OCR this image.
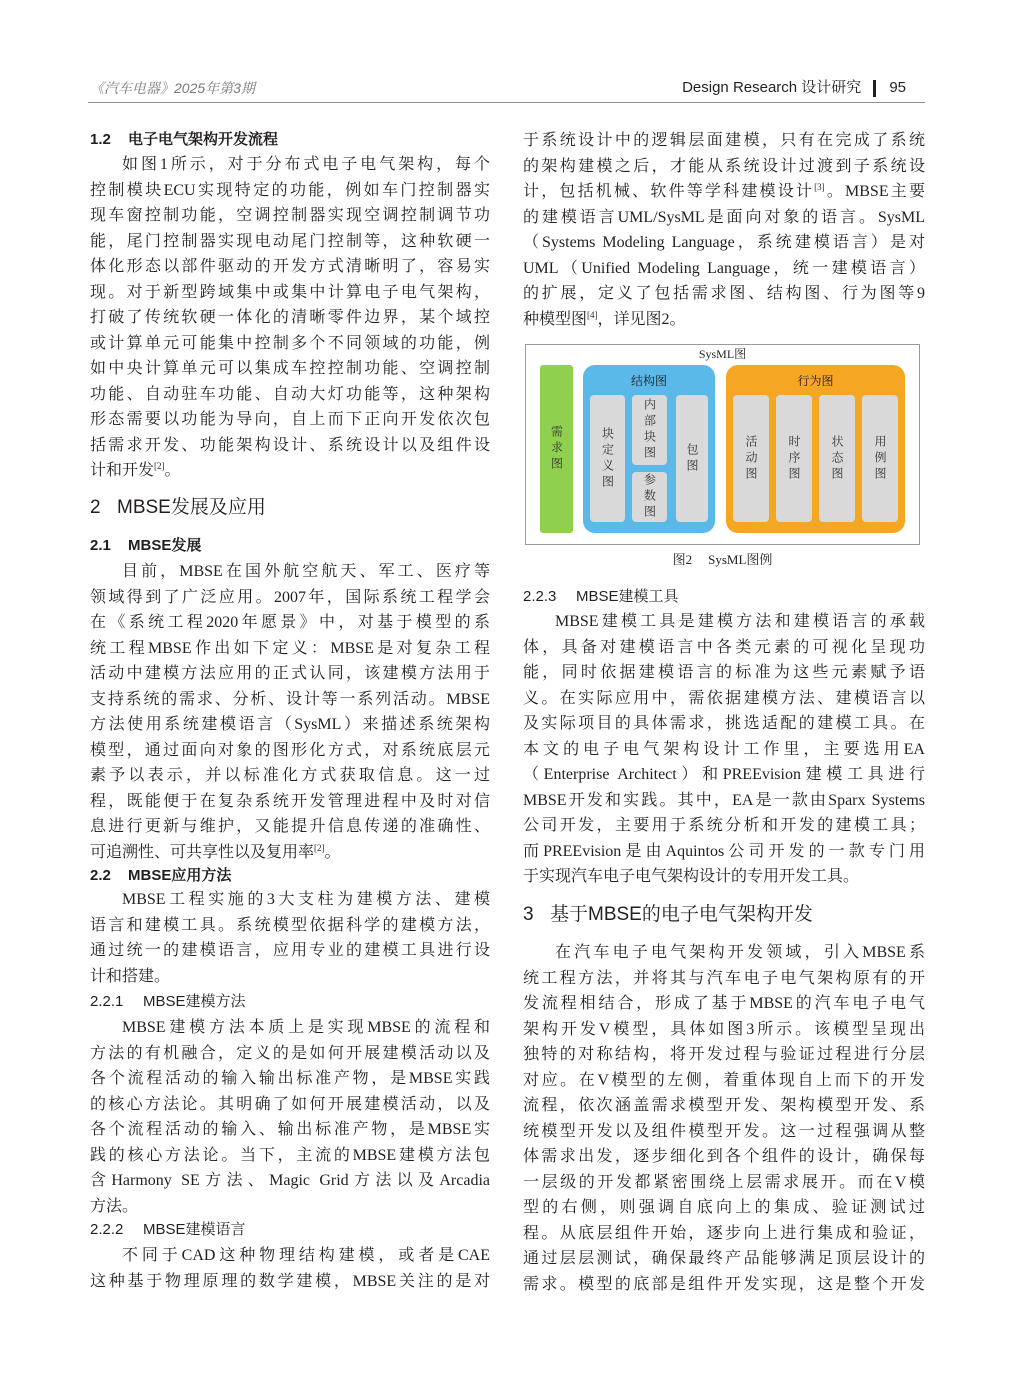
《汽车电器》2025年第3期	Design Research 设计研究 95
1.2 电子电气架构开发流程
如图1所示，对于分布式电子电气架构，每个
控制模块ECU实现特定的功能，例如车门控制器实
现车窗控制功能，空调控制器实现空调控制调节功
能，尾门控制器实现电动尾门控制等，这种软硬一
体化形态以部件驱动的开发方式清晰明了，容易实
现。对于新型跨域集中或集中计算电子电气架构，
打破了传统软硬一体化的清晰零件边界，某个域控
或计算单元可能集中控制多个不同领域的功能，例
如中央计算单元可以集成车控控制功能、空调控制
功能、自动驻车功能、自动大灯功能等，这种架构
形态需要以功能为导向，自上而下正向开发依次包
括需求开发、功能架构设计、系统设计以及组件设
计和开发[2]。
2 MBSE发展及应用
2.1 MBSE发展
目前，MBSE在国外航空航天、军工、医疗等
领域得到了广泛应用。2007年，国际系统工程学会
在《系统工程2020年愿景》中，对基于模型的系
统工程MBSE作出如下定义：MBSE是对复杂工程
活动中建模方法应用的正式认同，该建模方法用于
支持系统的需求、分析、设计等一系列活动。MBSE
方法使用系统建模语言（SysML）来描述系统架构
模型，通过面向对象的图形化方式，对系统底层元
素予以表示，并以标准化方式获取信息。这一过
程，既能便于在复杂系统开发管理进程中及时对信
息进行更新与维护，又能提升信息传递的准确性、
可追溯性、可共享性以及复用率[2]。
2.2 MBSE应用方法
MBSE工程实施的3大支柱为建模方法、建模
语言和建模工具。系统模型依据科学的建模方法，
通过统一的建模语言，应用专业的建模工具进行设
计和搭建。
2.2.1 MBSE建模方法
MBSE建模方法本质上是实现MBSE的流程和
方法的有机融合，定义的是如何开展建模活动以及
各个流程活动的输入输出标准产物，是MBSE实践
的核心方法论。其明确了如何开展建模活动，以及
各个流程活动的输入、输出标准产物，是MBSE实
践的核心方法论。当下，主流的MBSE建模方法包
含Harmony SE方法、Magic Grid方法以及Arcadia
方法。
2.2.2 MBSE建模语言
不同于CAD这种物理结构建模，或者是CAE
这种基于物理原理的数学建模，MBSE关注的是对
于系统设计中的逻辑层面建模，只有在完成了系统
的架构建模之后，才能从系统设计过渡到子系统设
计，包括机械、软件等学科建模设计[3]。MBSE主要
的建模语言UML/SysML是面向对象的语言。SysML
（Systems Modeling Language，系统建模语言）是对
UML（Unified Modeling Language，统一建模语言）
的扩展，定义了包括需求图、结构图、行为图等9
种模型图[4]，详见图2。
SysML图
需求图
结构图
块定义图 内部块图
参数图
包图
行为图
活动图 时序图 状态图 用例图
图2 SysML图例
2.2.3 MBSE建模工具
MBSE建模工具是建模方法和建模语言的承载
体，具备对建模语言中各类元素的可视化呈现功
能，同时依据建模语言的标准为这些元素赋予语
义。在实际应用中，需依据建模方法、建模语言以
及实际项目的具体需求，挑选适配的建模工具。在
本文的电子电气架构设计工作里，主要选用EA
（Enterprise Architect）和PREEvision建模工具进行
MBSE开发和实践。其中，EA是一款由Sparx Systems
公司开发，主要用于系统分析和开发的建模工具；
而PREEvision是由Aquintos公司开发的一款专门用
于实现汽车电子电气架构设计的专用开发工具。
3 基于MBSE的电子电气架构开发
在汽车电子电气架构开发领域，引入MBSE系
统工程方法，并将其与汽车电子电气架构原有的开
发流程相结合，形成了基于MBSE的汽车电子电气
架构开发V模型，具体如图3所示。该模型呈现出
独特的对称结构，将开发过程与验证过程进行分层
对应。在V模型的左侧，着重体现自上而下的开发
流程，依次涵盖需求模型开发、架构模型开发、系
统模型开发以及组件模型开发。这一过程强调从整
体需求出发，逐步细化到各个组件的设计，确保每
一层级的开发都紧密围绕上层需求展开。而在V模
型的右侧，则强调自底向上的集成、验证测试过
程。从底层组件开始，逐步向上进行集成和验证，
通过层层测试，确保最终产品能够满足顶层设计的
需求。模型的底部是组件开发实现，这是整个开发
